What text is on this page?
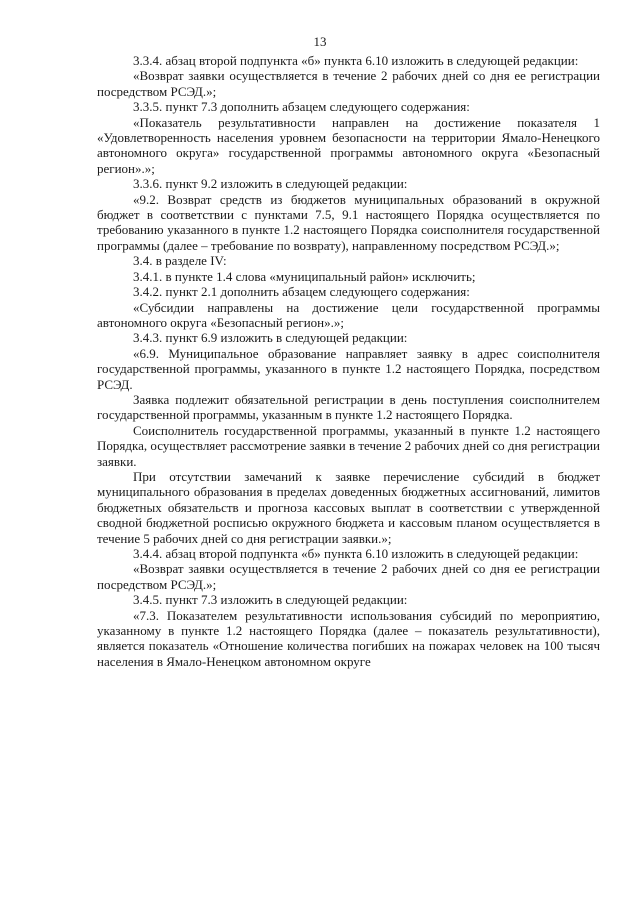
13

3.3.4. абзац второй подпункта «б» пункта 6.10 изложить в следующей редакции:

«Возврат заявки осуществляется в течение 2 рабочих дней со дня ее регистрации посредством РСЭД.»;

3.3.5. пункт 7.3 дополнить абзацем следующего содержания:

«Показатель результативности направлен на достижение показателя 1 «Удовлетворенность населения уровнем безопасности на территории Ямало-Ненецкого автономного округа» государственной программы автономного округа «Безопасный регион».»;

3.3.6. пункт 9.2 изложить в следующей редакции:

«9.2. Возврат средств из бюджетов муниципальных образований в окружной бюджет в соответствии с пунктами 7.5, 9.1 настоящего Порядка осуществляется по требованию указанного в пункте 1.2 настоящего Порядка соисполнителя государственной программы (далее – требование по возврату), направленному посредством РСЭД.»;

3.4. в разделе IV:

3.4.1. в пункте 1.4 слова «муниципальный район» исключить;

3.4.2. пункт 2.1 дополнить абзацем следующего содержания:

«Субсидии направлены на достижение цели государственной программы автономного округа «Безопасный регион».»;

3.4.3. пункт 6.9 изложить в следующей редакции:

«6.9. Муниципальное образование направляет заявку в адрес соисполнителя государственной программы, указанного в пункте 1.2 настоящего Порядка, посредством РСЭД.

Заявка подлежит обязательной регистрации в день поступления соисполнителем государственной программы, указанным в пункте 1.2 настоящего Порядка.

Соисполнитель государственной программы, указанный в пункте 1.2 настоящего Порядка, осуществляет рассмотрение заявки в течение 2 рабочих дней со дня регистрации заявки.

При отсутствии замечаний к заявке перечисление субсидий в бюджет муниципального образования в пределах доведенных бюджетных ассигнований, лимитов бюджетных обязательств и прогноза кассовых выплат в соответствии с утвержденной сводной бюджетной росписью окружного бюджета и кассовым планом осуществляется в течение 5 рабочих дней со дня регистрации заявки.»;

3.4.4. абзац второй подпункта «б» пункта 6.10 изложить в следующей редакции:

«Возврат заявки осуществляется в течение 2 рабочих дней со дня ее регистрации посредством РСЭД.»;

3.4.5. пункт 7.3 изложить в следующей редакции:

«7.3. Показателем результативности использования субсидий по мероприятию, указанному в пункте 1.2 настоящего Порядка (далее – показатель результативности), является показатель «Отношение количества погибших на пожарах человек на 100 тысяч населения в Ямало-Ненецком автономном округе
